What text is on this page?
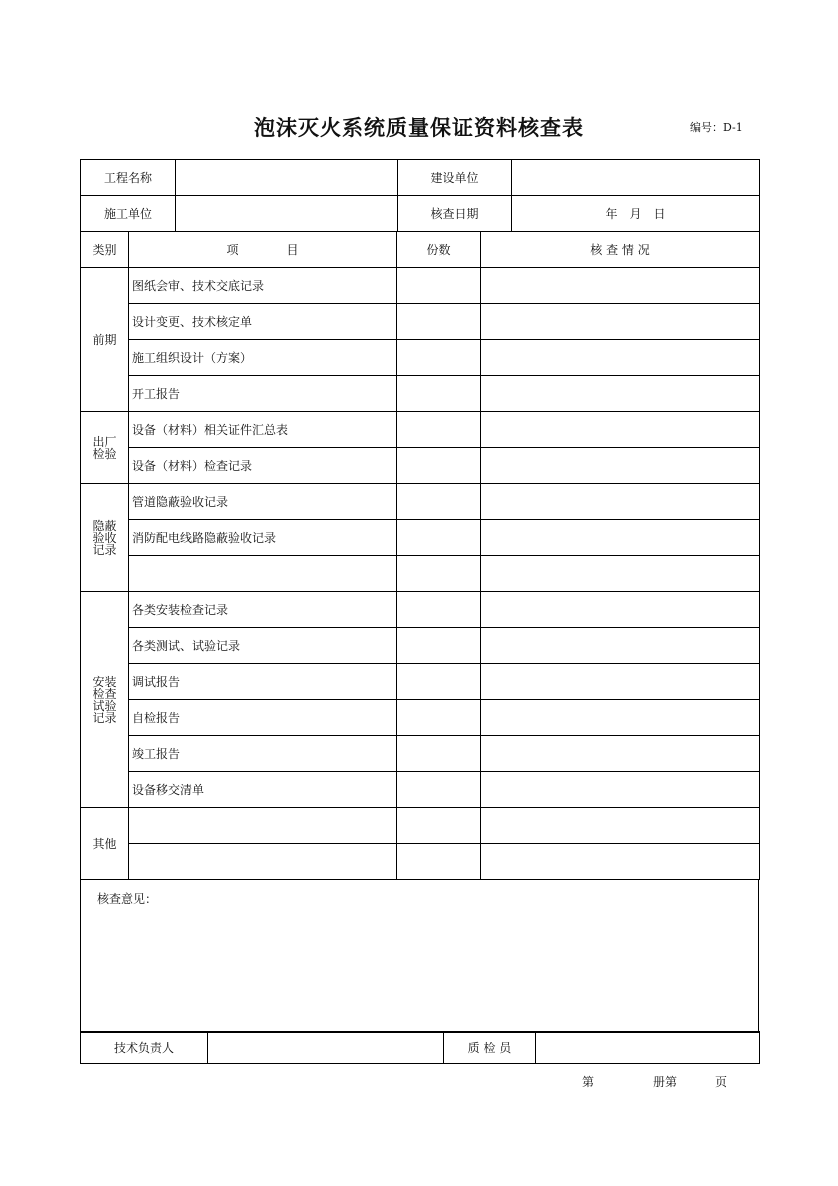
泡沫灭火系统质量保证资料核查表	编号：D-1
工程名称		建设单位	
施工单位		核查日期	年　月　日
类别	项　　　　目	份数	核 查 情 况
前期	图纸会审、技术交底记录		
	设计变更、技术核定单		
	施工组织设计（方案）		
	开工报告		
出厂检验	设备（材料）相关证件汇总表		
	设备（材料）检查记录		
隐蔽验收记录	管道隐蔽验收记录		
	消防配电线路隐蔽验收记录		

安装检查试验记录	各类安装检查记录		
	各类测试、试验记录		
	调试报告		
	自检报告		
	竣工报告		
	设备移交清单		
其他			

核查意见：
技术负责人		质 检 员	
第	册第	页
